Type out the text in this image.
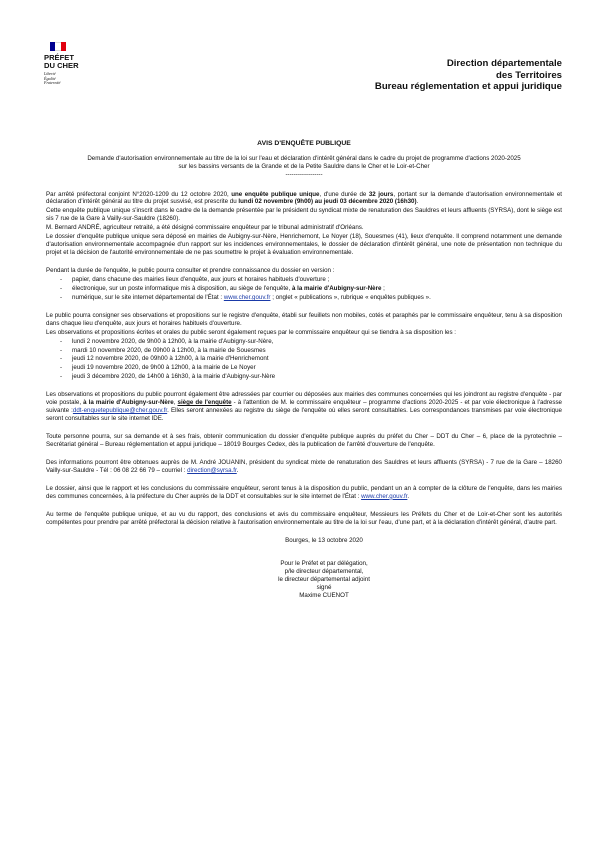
PRÉFET
DU CHER
Liberté
Égalité
Fraternité
Direction départementale
des Territoires
Bureau réglementation et appui juridique
AVIS D'ENQUÊTE PUBLIQUE

Demande d'autorisation environnementale au titre de la loi sur l'eau et déclaration d'intérêt général dans le cadre du projet de programme d'actions 2020-2025

sur les bassins versants de la Grande et de la Petite Sauldre dans le Cher et le Loir-et-Cher

------------------

Par arrêté préfectoral conjoint N°2020-1209 du 12 octobre 2020, une enquête publique unique, d'une durée de 32 jours, portant sur la demande d'autorisation environnementale et déclaration d'intérêt général au titre du projet susvisé, est prescrite du lundi 02 novembre (9h00) au jeudi 03 décembre 2020 (16h30).

Cette enquête publique unique s'inscrit dans le cadre de la demande présentée par le président du syndicat mixte de renaturation des Sauldres et leurs affluents (SYRSA), dont le siège est sis 7 rue de la Gare à Vailly-sur-Sauldre (18260).

M. Bernard ANDRÉ, agriculteur retraité, a été désigné commissaire enquêteur par le tribunal administratif d'Orléans.

Le dossier d'enquête publique unique sera déposé en mairies de Aubigny-sur-Nère, Henrichemont, Le Noyer (18), Souesmes (41), lieux d'enquête. Il comprend notamment une demande d'autorisation environnementale accompagnée d'un rapport sur les incidences environnementales, le dossier de déclaration d'intérêt général, une note de présentation non technique du projet et la décision de l'autorité environnementale de ne pas soumettre le projet à évaluation environnementale.

Pendant la durée de l'enquête, le public pourra consulter et prendre connaissance du dossier en version :

- papier, dans chacune des mairies lieux d'enquête, aux jours et horaires habituels d'ouverture ;
- électronique, sur un poste informatique mis à disposition, au siège de l'enquête, à la mairie d'Aubigny-sur-Nère ;
- numérique, sur le site internet départemental de l'État : www.cher.gouv.fr ; onglet « publications », rubrique « enquêtes publiques ».

Le public pourra consigner ses observations et propositions sur le registre d'enquête, établi sur feuillets non mobiles, cotés et paraphés par le commissaire enquêteur, tenu à sa disposition dans chaque lieu d'enquête, aux jours et horaires habituels d'ouverture.

Les observations et propositions écrites et orales du public seront également reçues par le commissaire enquêteur qui se tiendra à sa disposition les :

- lundi 2 novembre 2020, de 9h00 à 12h00, à la mairie d'Aubigny-sur-Nère,
- mardi 10 novembre 2020, de 09h00 à 12h00, à la mairie de Souesmes
- jeudi 12 novembre 2020, de 09h00 à 12h00, à la mairie d'Henrichemont
- jeudi 19 novembre 2020, de 9h00 à 12h00, à la mairie de Le Noyer
- jeudi 3 décembre 2020, de 14h00 à 16h30, à la mairie d'Aubigny-sur-Nère

Les observations et propositions du public pourront également être adressées par courrier ou déposées aux mairies des communes concernées qui les joindront au registre d'enquête - par voie postale, à la mairie d'Aubigny-sur-Nère, siège de l'enquête - à l'attention de M. le commissaire enquêteur – programme d'actions 2020-2025 - et par voie électronique à l'adresse suivante :ddt-enquetepublique@cher.gouv.fr. Elles seront annexées au registre du siège de l'enquête où elles seront consultables. Les correspondances transmises par voie électronique seront consultables sur le site internet IDE.

Toute personne pourra, sur sa demande et à ses frais, obtenir communication du dossier d'enquête publique auprès du préfet du Cher – DDT du Cher – 6, place de la pyrotechnie – Secrétariat général – Bureau réglementation et appui juridique – 18019 Bourges Cedex, dès la publication de l'arrêté d'ouverture de l'enquête.

Des informations pourront être obtenues auprès de M. André JOUANIN, président du syndicat mixte de renaturation des Sauldres et leurs affluents (SYRSA) - 7 rue de la Gare – 18260 Vailly-sur-Sauldre - Tél : 06 08 22 66 79 – courriel : direction@syrsa.fr.

Le dossier, ainsi que le rapport et les conclusions du commissaire enquêteur, seront tenus à la disposition du public, pendant un an à compter de la clôture de l'enquête, dans les mairies des communes concernées, à la préfecture du Cher auprès de la DDT et consultables sur le site internet de l'État : www.cher.gouv.fr.

Au terme de l'enquête publique unique, et au vu du rapport, des conclusions et avis du commissaire enquêteur, Messieurs les Préfets du Cher et de Loir-et-Cher sont les autorités compétentes pour prendre par arrêté préfectoral la décision relative à l'autorisation environnementale au titre de la loi sur l'eau, d'une part, et à la déclaration d'intérêt général, d'autre part.

Bourges, le 13 octobre 2020
Pour le Préfet et par délégation,
p/le directeur départemental,
le directeur départemental adjoint
signé
Maxime CUENOT
